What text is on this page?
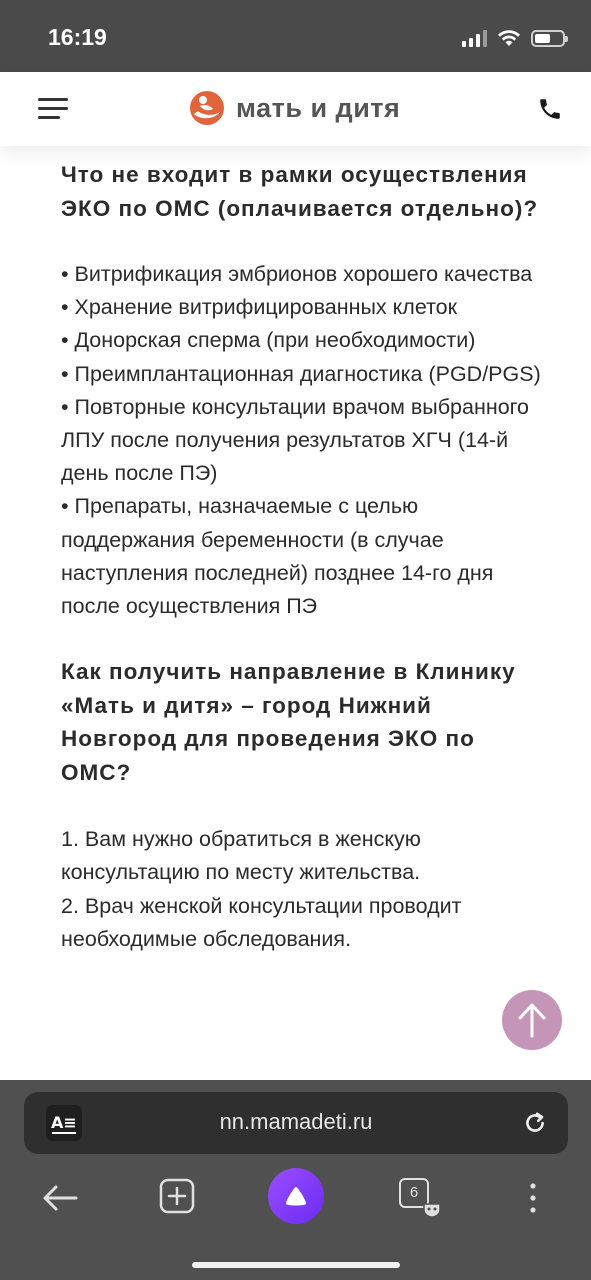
16:19
мать и дитя
Что не входит в рамки осуществления ЭКО по ОМС (оплачивается отдельно)?
• Витрификация эмбрионов хорошего качества
• Хранение витрифицированных клеток
• Донорская сперма (при необходимости)
• Преимплантационная диагностика (PGD/PGS)
• Повторные консультации врачом выбранного ЛПУ после получения результатов ХГЧ (14-й день после ПЭ)
• Препараты, назначаемые с целью поддержания беременности (в случае наступления последней) позднее 14-го дня после осуществления ПЭ
Как получить направление в Клинику «Мать и дитя» – город Нижний Новгород для проведения ЭКО по ОМС?
1. Вам нужно обратиться в женскую консультацию по месту жительства.
2. Врач женской консультации проводит необходимые обследования.
A≡	nn.mamadeti.ru
6
